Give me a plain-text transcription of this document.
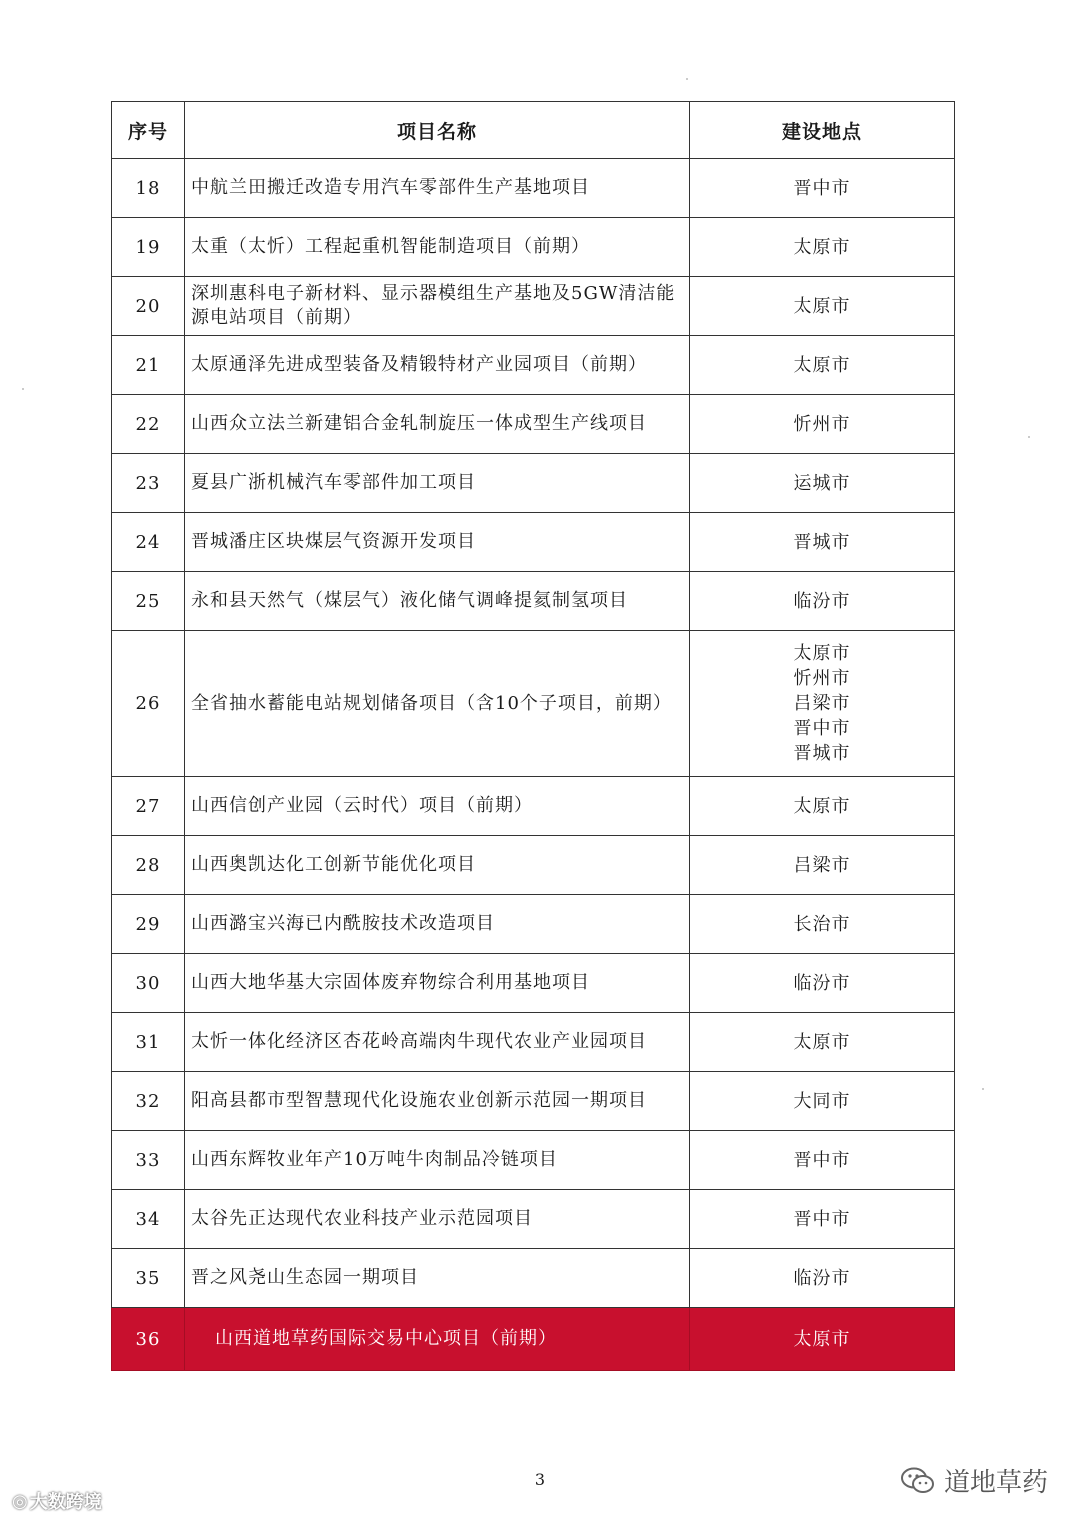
序号	项目名称	建设地点
18	中航兰田搬迁改造专用汽车零部件生产基地项目	晋中市

19	太重（太忻）工程起重机智能制造项目（前期）	太原市

20	深圳惠科电子新材料、显示器模组生产基地及5GW清洁能源电站项目（前期）	太原市

21	太原通泽先进成型装备及精锻特材产业园项目（前期）	太原市

22	山西众立法兰新建铝合金轧制旋压一体成型生产线项目	忻州市

23	夏县广浙机械汽车零部件加工项目	运城市

24	晋城潘庄区块煤层气资源开发项目	晋城市

25	永和县天然气（煤层气）液化储气调峰提氦制氢项目	临汾市

26	全省抽水蓄能电站规划储备项目（含10个子项目，前期）	太原市
忻州市
吕梁市
晋中市
晋城市

27	山西信创产业园（云时代）项目（前期）	太原市

28	山西奥凯达化工创新节能优化项目	吕梁市

29	山西潞宝兴海已内酰胺技术改造项目	长治市

30	山西大地华基大宗固体废弃物综合利用基地项目	临汾市

31	太忻一体化经济区杏花岭高端肉牛现代农业产业园项目	太原市

32	阳高县都市型智慧现代化设施农业创新示范园一期项目	大同市

33	山西东辉牧业年产10万吨牛肉制品冷链项目	晋中市

34	太谷先正达现代农业科技产业示范园项目	晋中市

35	晋之风尧山生态园一期项目	临汾市

36	山西道地草药国际交易中心项目（前期）	太原市
3
◎ 大数跨境
道地草药
